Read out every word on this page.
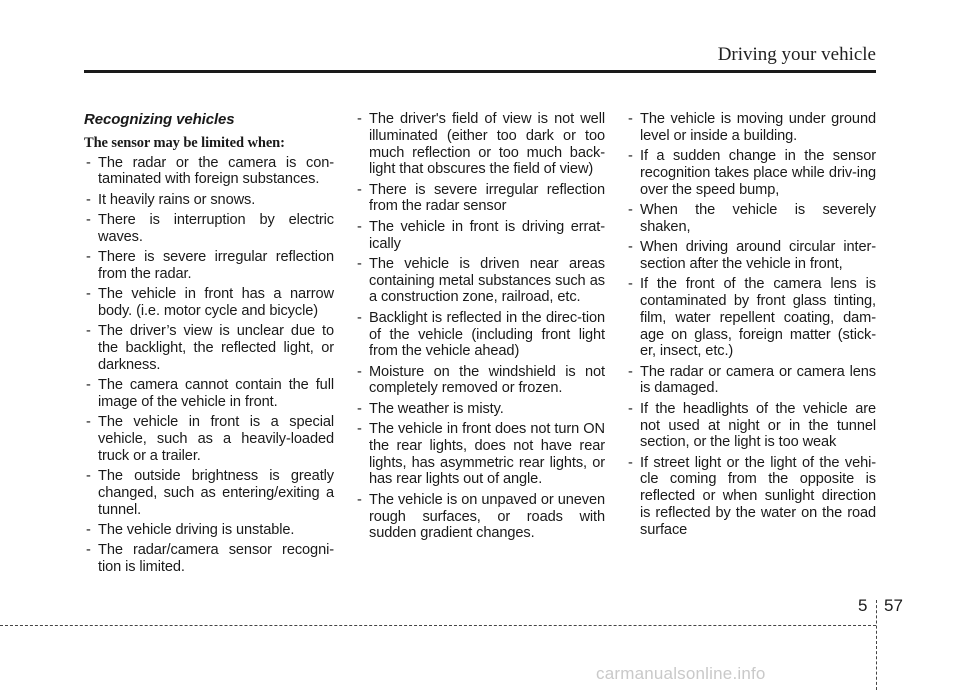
Driving your vehicle
Recognizing vehicles
The sensor may be limited when:
- The radar or the camera is con-taminated with foreign substances.
- It heavily rains or snows.
- There is interruption by electric waves.
- There is severe irregular reflection from the radar.
- The vehicle in front has a narrow body. (i.e. motor cycle and bicycle)
- The driver’s view is unclear due to the backlight, the reflected light, or darkness.
- The camera cannot contain the full image of the vehicle in front.
- The vehicle in front is a special vehicle, such as a heavily-loaded truck or a trailer.
- The outside brightness is greatly changed, such as entering/exiting a tunnel.
- The vehicle driving is unstable.
- The radar/camera sensor recogni-tion is limited.
- The driver's field of view is not well illuminated (either too dark or too much reflection or too much back-light that obscures the field of view)
- There is severe irregular reflection from the radar sensor
- The vehicle in front is driving errat-ically
- The vehicle is driven near areas containing metal substances such as a construction zone, railroad, etc.
- Backlight is reflected in the direc-tion of the vehicle (including front light from the vehicle ahead)
- Moisture on the windshield is not completely removed or frozen.
- The weather is misty.
- The vehicle in front does not turn ON the rear lights, does not have rear lights, has asymmetric rear lights, or has rear lights out of angle.
- The vehicle is on unpaved or uneven rough surfaces, or roads with sudden gradient changes.
- The vehicle is moving under ground level or inside a building.
- If a sudden change in the sensor recognition takes place while driv-ing over the speed bump,
- When the vehicle is severely shaken,
- When driving around circular inter-section after the vehicle in front,
- If the front of the camera lens is contaminated by front glass tinting, film, water repellent coating, dam-age on glass, foreign matter (stick-er, insect, etc.)
- The radar or camera or camera lens is damaged.
- If the headlights of the vehicle are not used at night or in the tunnel section, or the light is too weak
- If street light or the light of the vehi-cle coming from the opposite is reflected or when sunlight direction is reflected by the water on the road surface
5 57
carmanualsonline.info
